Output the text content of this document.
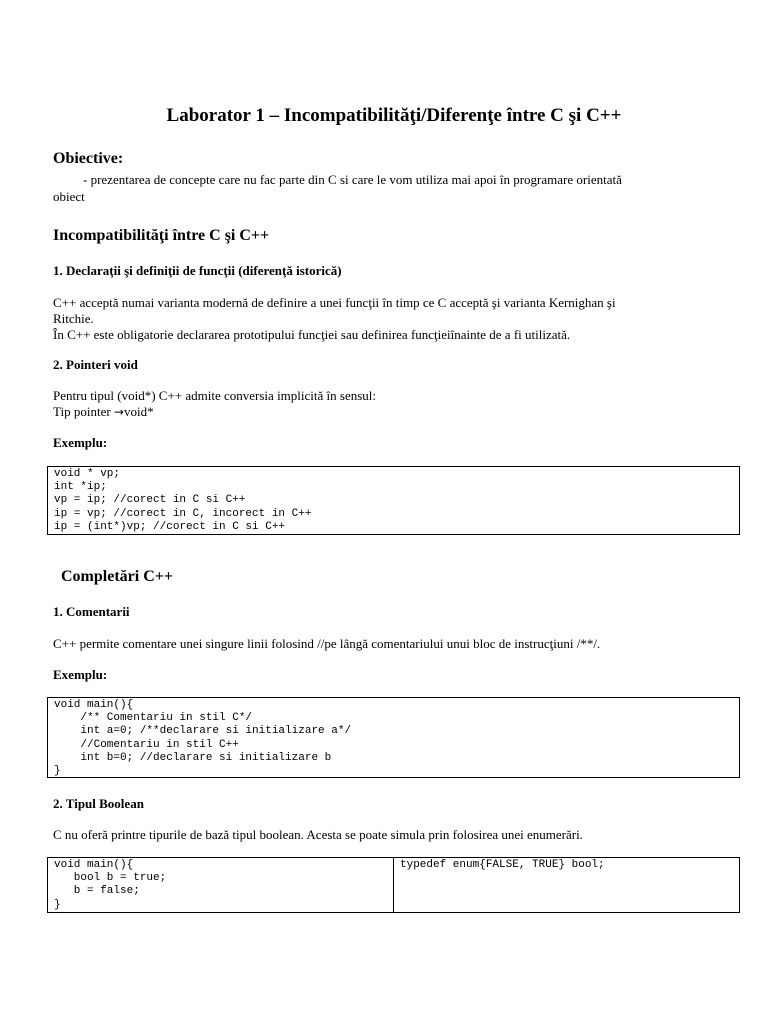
Laborator 1 – Incompatibilităţi/Diferenţe între C şi C++
Obiective:
- prezentarea de concepte care nu fac parte din C si care le vom utiliza mai apoi în programare orientată
obiect
Incompatibilităţi între C şi C++
1. Declaraţii şi definiţii de funcţii (diferenţă istorică)
C++ acceptă numai varianta modernă de definire a unei funcţii în timp ce C acceptă şi varianta Kernighan şi
Ritchie.
În C++ este obligatorie declararea prototipului funcţiei sau definirea funcţieiînainte de a fi utilizată.
2. Pointeri void
Pentru tipul (void*) C++ admite conversia implicită în sensul:
Tip pointer →void*
Exemplu:
void * vp;
int *ip;
vp = ip; //corect in C si C++
ip = vp; //corect in C, incorect in C++
ip = (int*)vp; //corect in C si C++
Completări C++
1. Comentarii
C++ permite comentare unei singure linii folosind //pe lângă comentariului unui bloc de instrucţiuni /**/.
Exemplu:
void main(){
/** Comentariu in stil C*/
int a=0; /**declarare si initializare a*/
//Comentariu in stil C++
int b=0; //declarare si initializare b
}
2. Tipul Boolean
C nu oferă printre tipurile de bază tipul boolean. Acesta se poate simula prin folosirea unei enumerări.
void main(){
bool b = true;
b = false;
}
typedef enum{FALSE, TRUE} bool;
